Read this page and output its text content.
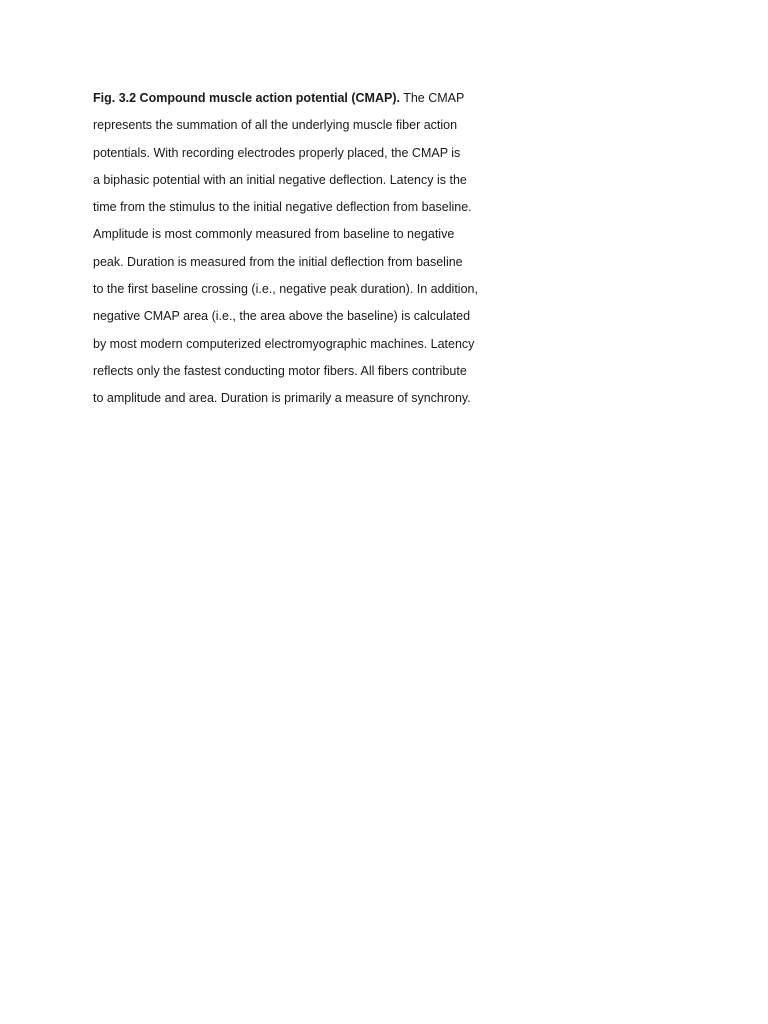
Fig. 3.2 Compound muscle action potential (CMAP). The CMAP
represents the summation of all the underlying muscle fiber action
potentials. With recording electrodes properly placed, the CMAP is
a biphasic potential with an initial negative deflection. Latency is the
time from the stimulus to the initial negative deflection from baseline.
Amplitude is most commonly measured from baseline to negative
peak. Duration is measured from the initial deflection from baseline
to the first baseline crossing (i.e., negative peak duration). In addition,
negative CMAP area (i.e., the area above the baseline) is calculated
by most modern computerized electromyographic machines. Latency
reflects only the fastest conducting motor fibers. All fibers contribute
to amplitude and area. Duration is primarily a measure of synchrony.
